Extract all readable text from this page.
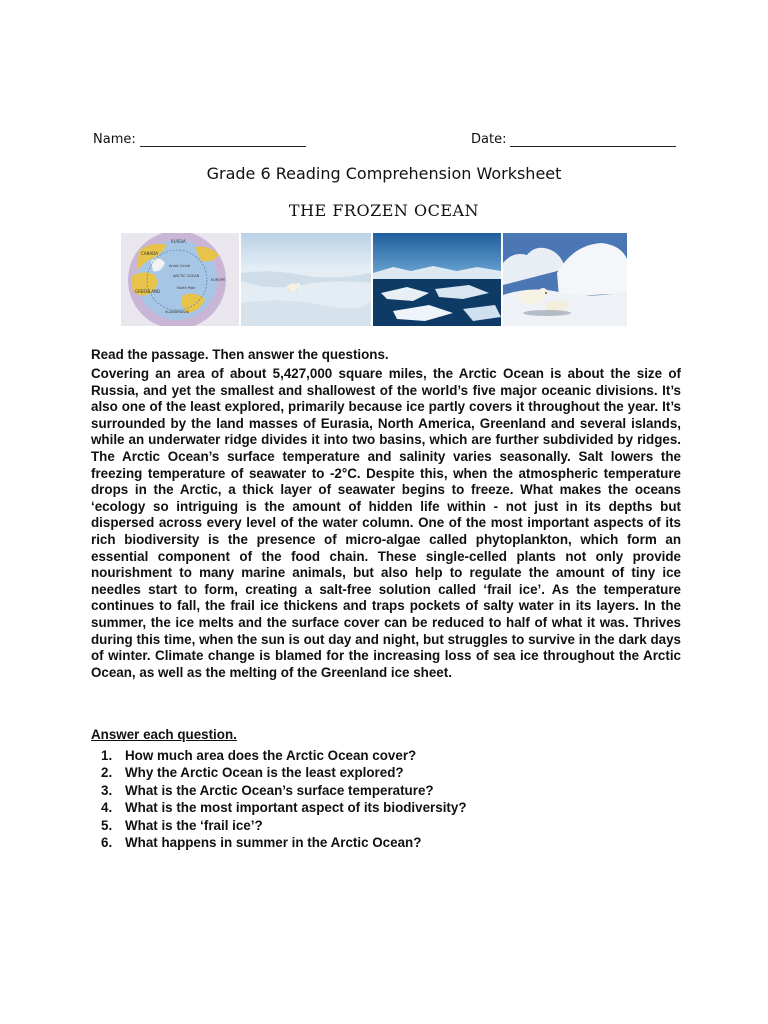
Name:	Date:
Grade 6 Reading Comprehension Worksheet
THE FROZEN OCEAN
RUSSIA
CANADA
Arctic Circle
ARCTIC OCEAN
GREENLAND
SCANDINAVIA
EUROPE
North Pole
Read the passage. Then answer the questions.

Covering an area of about 5,427,000 square miles, the Arctic Ocean is about the size of Russia, and yet the smallest and shallowest of the world’s five major oceanic divisions. It’s also one of the least explored, primarily because ice partly covers it throughout the year. It’s surrounded by the land masses of Eurasia, North America, Greenland and several islands, while an underwater ridge divides it into two basins, which are further subdivided by ridges. The Arctic Ocean’s surface temperature and salinity varies seasonally. Salt lowers the freezing temperature of seawater to -2°C. Despite this, when the atmospheric temperature drops in the Arctic, a thick layer of seawater begins to freeze. What makes the oceans ‘ecology so intriguing is the amount of hidden life within - not just in its depths but dispersed across every level of the water column. One of the most important aspects of its rich biodiversity is the presence of micro-algae called phytoplankton, which form an essential component of the food chain. These single-celled plants not only provide nourishment to many marine animals, but also help to regulate the amount of tiny ice needles start to form, creating a salt-free solution called ‘frail ice’. As the temperature continues to fall, the frail ice thickens and traps pockets of salty water in its layers. In the summer, the ice melts and the surface cover can be reduced to half of what it was. Thrives during this time, when the sun is out day and night, but struggles to survive in the dark days of winter. Climate change is blamed for the increasing loss of sea ice throughout the Arctic Ocean, as well as the melting of the Greenland ice sheet.

Answer each question.
1. How much area does the Arctic Ocean cover?
2. Why the Arctic Ocean is the least explored?
3. What is the Arctic Ocean’s surface temperature?
4. What is the most important aspect of its biodiversity?
5. What is the ‘frail ice’?
6. What happens in summer in the Arctic Ocean?
